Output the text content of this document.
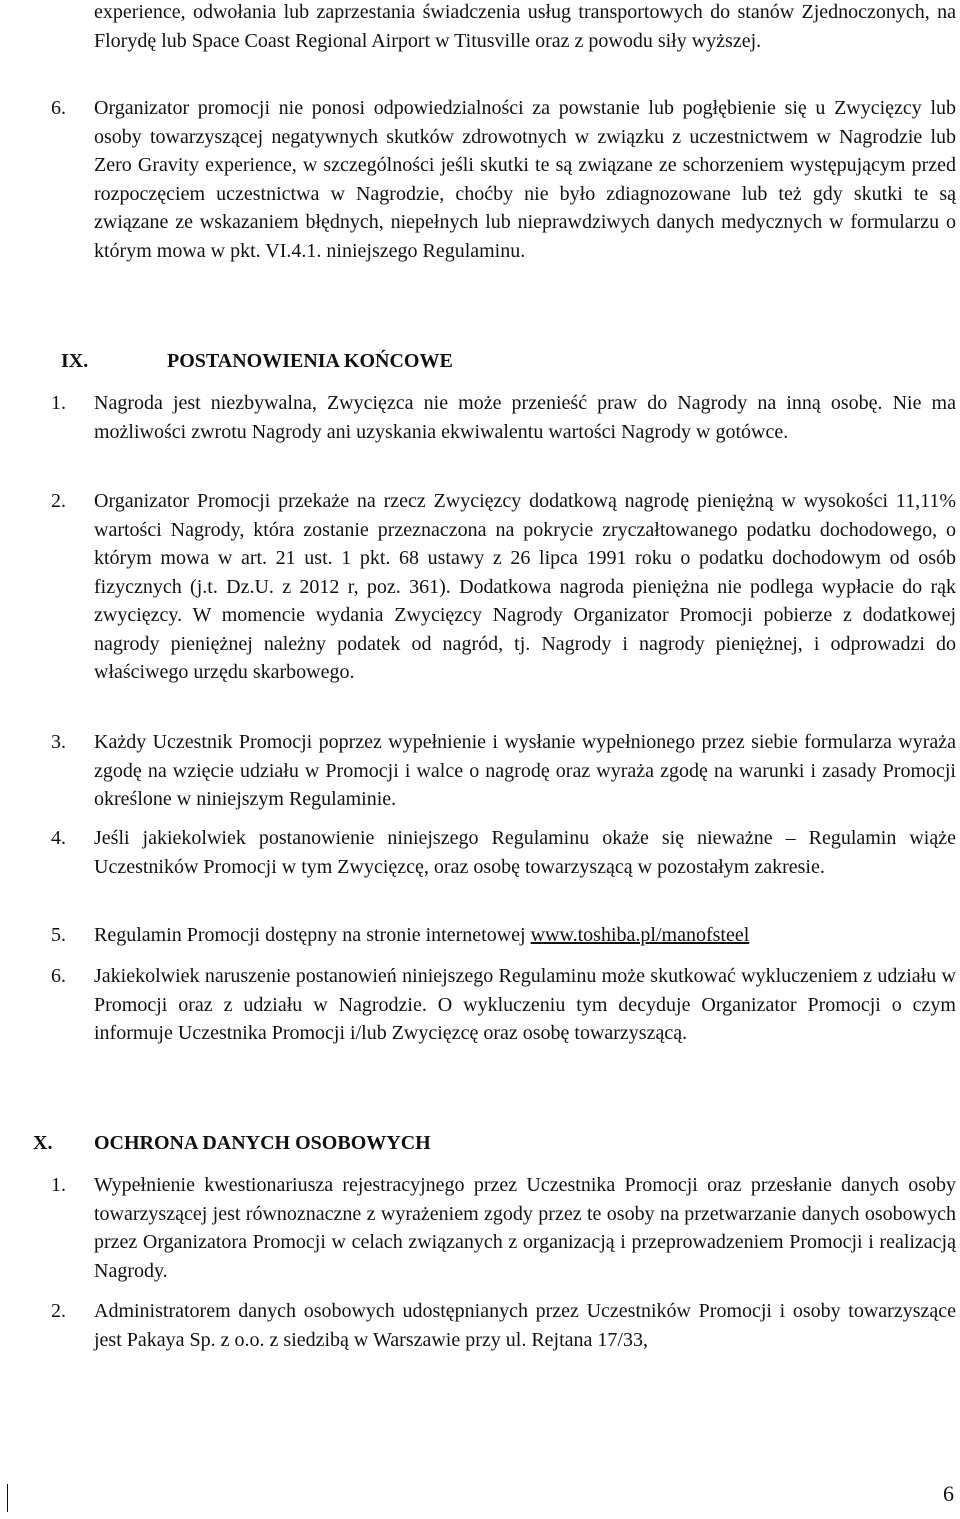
experience, odwołania lub zaprzestania świadczenia usług transportowych do stanów Zjednoczonych, na Florydę lub Space Coast Regional Airport w Titusville oraz z powodu siły wyższej.
6.	Organizator promocji nie ponosi odpowiedzialności za powstanie lub pogłębienie się u Zwycięzcy lub osoby towarzyszącej negatywnych skutków zdrowotnych w związku z uczestnictwem w Nagrodzie lub Zero Gravity experience, w szczególności jeśli skutki te są związane ze schorzeniem występującym przed rozpoczęciem uczestnictwa w Nagrodzie, choćby nie było zdiagnozowane lub też gdy skutki te są związane ze wskazaniem błędnych, niepełnych lub nieprawdziwych danych medycznych w formularzu o którym mowa w pkt. VI.4.1. niniejszego Regulaminu.
IX.	POSTANOWIENIA KOŃCOWE
1.	Nagroda jest niezbywalna, Zwycięzca nie może przenieść praw do Nagrody na inną osobę. Nie ma możliwości zwrotu Nagrody ani uzyskania ekwiwalentu wartości Nagrody w gotówce.
2.	Organizator Promocji przekaże na rzecz Zwycięzcy dodatkową nagrodę pieniężną w wysokości 11,11% wartości Nagrody, która zostanie przeznaczona na pokrycie zryczałtowanego podatku dochodowego, o którym mowa w art. 21 ust. 1 pkt. 68 ustawy z 26 lipca 1991 roku o podatku dochodowym od osób fizycznych (j.t. Dz.U. z 2012 r, poz. 361). Dodatkowa nagroda pieniężna nie podlega wypłacie do rąk zwycięzcy. W momencie wydania Zwycięzcy Nagrody Organizator Promocji pobierze z dodatkowej nagrody pieniężnej należny podatek od nagród, tj. Nagrody i nagrody pieniężnej, i odprowadzi do właściwego urzędu skarbowego.
3.	Każdy Uczestnik Promocji poprzez wypełnienie i wysłanie wypełnionego przez siebie formularza wyraża zgodę na wzięcie udziału w Promocji i walce o nagrodę oraz wyraża zgodę na warunki i zasady Promocji określone w niniejszym Regulaminie.
4.	Jeśli jakiekolwiek postanowienie niniejszego Regulaminu okaże się nieważne – Regulamin wiąże Uczestników Promocji w tym Zwycięzcę, oraz osobę towarzyszącą w pozostałym zakresie.
5.	Regulamin Promocji dostępny na stronie internetowej www.toshiba.pl/manofsteel
6.	Jakiekolwiek naruszenie postanowień niniejszego Regulaminu może skutkować wykluczeniem z udziału w Promocji oraz z udziału w Nagrodzie. O wykluczeniu tym decyduje Organizator Promocji o czym informuje Uczestnika Promocji i/lub Zwycięzcę oraz osobę towarzyszącą.
X. OCHRONA DANYCH OSOBOWYCH
1.	Wypełnienie kwestionariusza rejestracyjnego przez Uczestnika Promocji oraz przesłanie danych osoby towarzyszącej jest równoznaczne z wyrażeniem zgody przez te osoby na przetwarzanie danych osobowych przez Organizatora Promocji w celach związanych z organizacją i przeprowadzeniem Promocji i realizacją Nagrody.
2.	Administratorem danych osobowych udostępnianych przez Uczestników Promocji i osoby towarzyszące jest Pakaya Sp. z o.o. z siedzibą w Warszawie przy ul. Rejtana 17/33,
6
